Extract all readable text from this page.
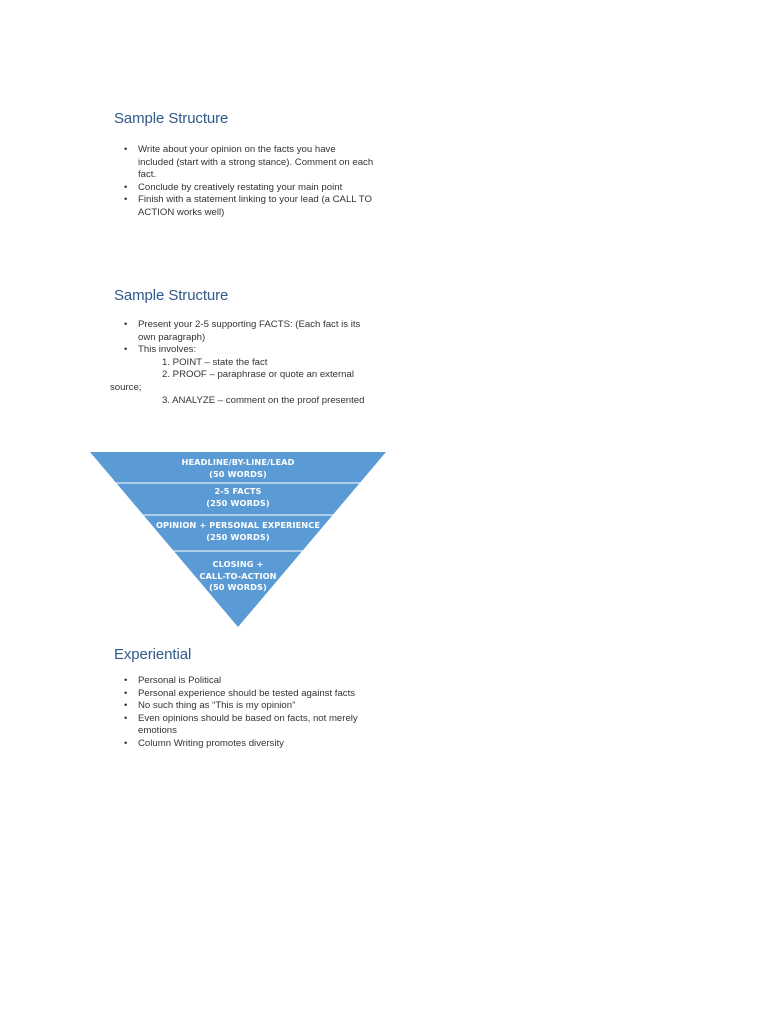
Sample Structure
• Write about your opinion on the facts you have included (start with a strong stance). Comment on each fact.
• Conclude by creatively restating your main point
• Finish with a statement linking to your lead (a CALL TO ACTION works well)
Sample Structure
• Present your 2-5 supporting FACTS: (Each fact is its own paragraph)
• This involves:
1. POINT – state the fact
2. PROOF – paraphrase or quote an external
source;
3. ANALYZE – comment on the proof presented
HEADLINE/BY-LINE/LEAD
(50 WORDS)
2-5 FACTS
(250 WORDS)
OPINION + PERSONAL EXPERIENCE
(250 WORDS)
CLOSING +
CALL-TO-ACTION
(50 WORDS)
Experiential
• Personal is Political
• Personal experience should be tested against facts
• No such thing as “This is my opinion”
• Even opinions should be based on facts, not merely emotions
• Column Writing promotes diversity
